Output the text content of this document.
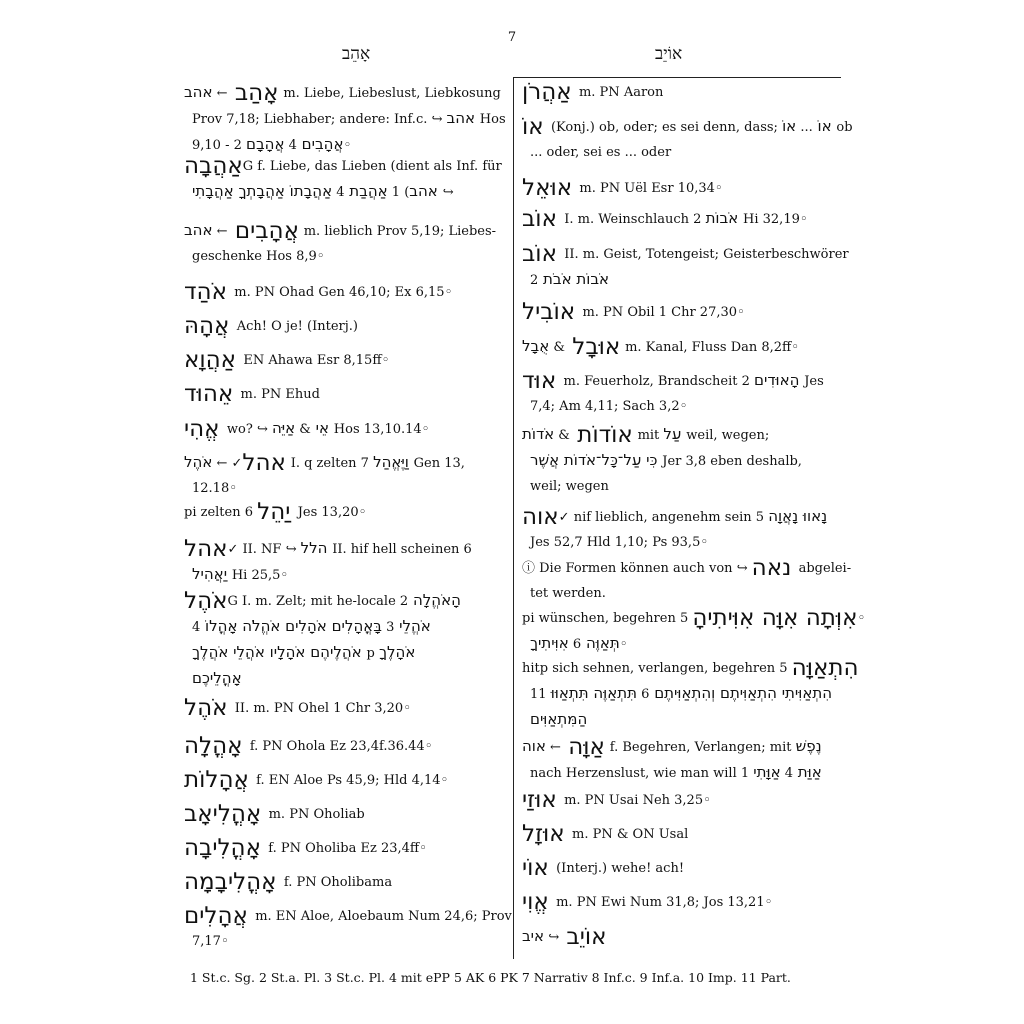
7
אָהֵב	אוֹיֵב
אָהַב ← אהב m. Liebe, Liebeslust, Liebkosung
Prov 7,18; Liebhaber; andere: Inf.c. ↪ אהב Hos
9,10 - 2	אֲהָבִים 4 אֲהָבָם	◦
אַהֲבָהG f. Liebe, das Lieben (dient als Inf. für
אהב) 1 אַהֲבַת 4 אַהֲבָתוֹ אַהֲבָתְךָ אַהֲבָתִי ↪
אֲהָבִים ← אהב m. lieblich Prov 5,19; Liebes-
geschenke Hos 8,9◦
אֹהַד m. PN Ohad Gen 46,10; Ex 6,15◦
אֲהָהּ Ach! O je! (Interj.)
אַהֲוָא EN Ahawa Esr 8,15ff◦
אֵהוּד m. PN Ehud
אֱהִי wo? ↪	אֵי & אַיֵּה Hos 13,10.14◦
אהל✓ ← אֹהֶל I. q zelten 7 וַיֶּאֱהַל Gen 13,
12.18◦
pi zelten 6 יַהֵל Jes 13,20◦
אהל✓ II. NF ↪ הלל II. hif hell scheinen 6
יַאֲהִיל Hi 25,5◦
אֹהֶלG I. m. Zelt; mit he-locale הָאֹהֱלָה 2
אֹהֱלֵי 3 בָּאֳהָלִים אֹהָלִים אֹהֱלֹה אָהֳלוֹ 4
אֹהֲלֶיהֶם אֹהָלָיו אֹהֲלֵי אֹהֲלֶךָ p אֹהָלֶךָ
אָהֳלֵיכֶם
אֹהֶל II. m. PN Ohel 1 Chr 3,20◦
אָהֳלָה f. PN Ohola Ez 23,4f.36.44◦
אֲהָלוֹת f. EN Aloe Ps 45,9; Hld 4,14◦
אָהֳלִיאָב m. PN Oholiab
אָהֳלִיבָה f. PN Oholiba Ez 23,4ff◦
אָהֳלִיבָמָה f. PN Oholibama
אֲהָלִים m. EN Aloe, Aloebaum Num 24,6; Prov
7,17◦
אַהֲרֹן m. PN Aaron
אוֹ (Konj.) ob, oder; es sei denn, dass; אוֹ ... אוֹ ob
... oder, sei es ... oder
אוּאֵל m. PN Uël Esr 10,34◦
אוֹב I. m. Weinschlauch 2 אֹבוֹת Hi 32,19◦
אוֹב II. m. Geist, Totengeist; Geisterbeschwörer
אֹבוֹת אֹבֹת 2
אוֹבִיל m. PN Obil 1 Chr 27,30◦
אוּבָל & אֻבָל m. Kanal, Fluss Dan 8,2ff◦
אוּד m. Feuerholz, Brandscheit 2 הָאוּדִים Jes
7,4; Am 4,11; Sach 3,2◦
אוֹדוֹת & אֹדוֹת mit עַל weil, wegen;
כִּי עַל־כָּל־אֹדוֹת אֲשֶׁר Jer 3,8 eben deshalb,
weil; wegen
אוה✓ nif lieblich, angenehm sein 5 נָאווּ נָאֲוָה
Jes 52,7 Hld 1,10; Ps 93,5◦
ⓘ Die Formen können auch von ↪ נאה abgelei-
tet werden.
pi wünschen, begehren 5 אִוְּתָה אִוָּה אִוִּיתִיהָ◦
תְּאַוֶּה 6 אִוִּיתִיךָ	◦
hitp sich sehnen, verlangen, begehren 5 הִתְאַוָּה
11	הִתְאַוִּיתִי הִתְאַוִּיתֶם וְהִתְאַוִּיתֶם 6 תִּתְאַוֶּה תִּתְאַוּוּ
הַמִּתְאַוִּים
אַוָּה ← אוה f. Begehren, Verlangen; mit נֶפֶשׁ
nach Herzenslust, wie man will 1	אַוַּת 4 אַוָּתִי
אוּזַי m. PN Usai Neh 3,25◦
אוּזָל m. PN & ON Usal
אוֹי (Interj.) wehe! ach!
אֱוִי m. PN Ewi Num 31,8; Jos 13,21◦
אוֹיֵב ↪ איב
1 St.c. Sg. 2 St.a. Pl. 3 St.c. Pl. 4 mit ePP 5 AK 6 PK 7 Narrativ 8 Inf.c. 9 Inf.a. 10 Imp. 11 Part.
